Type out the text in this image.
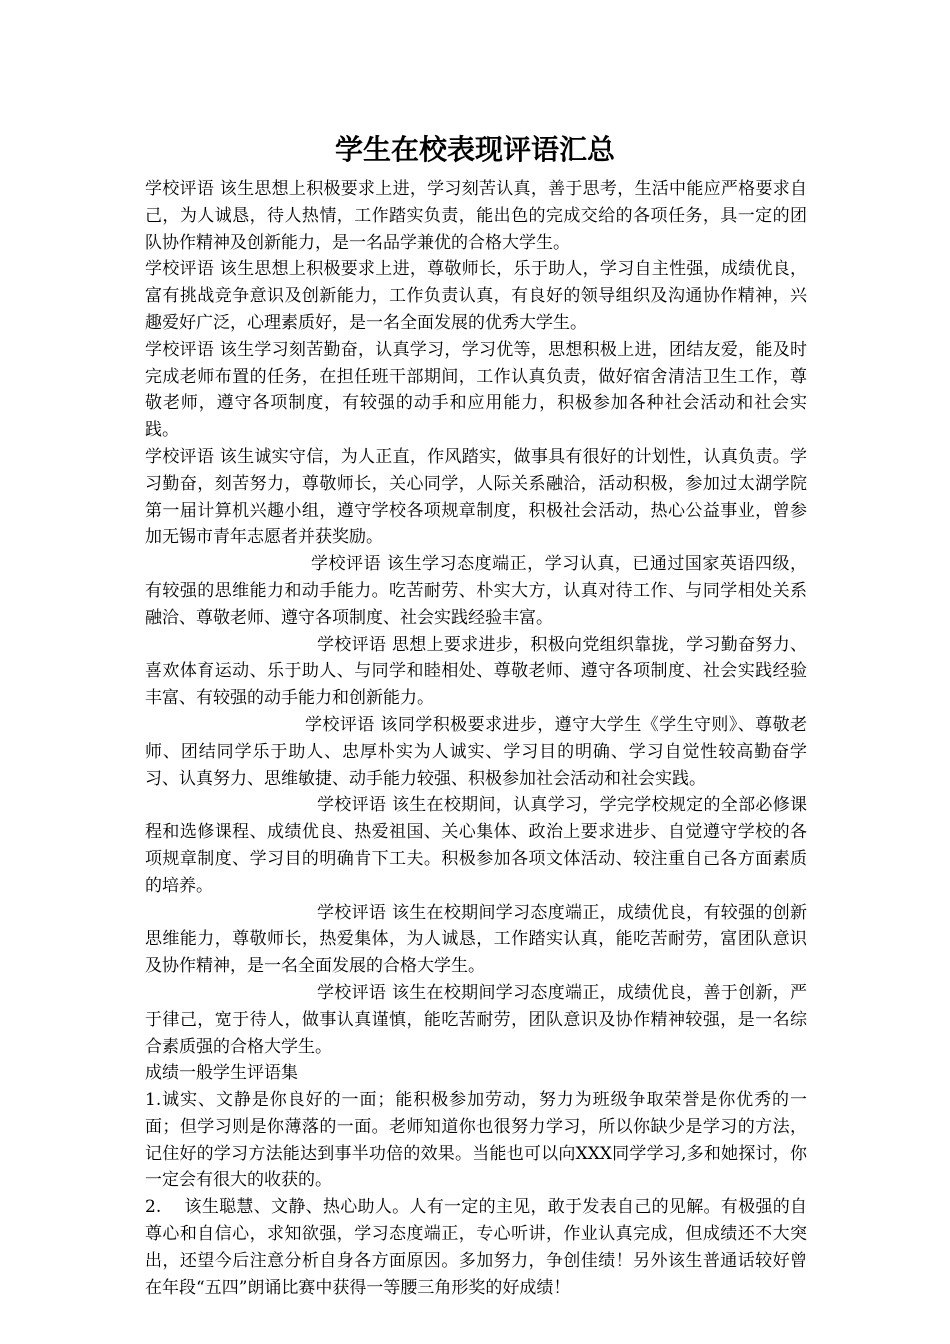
学生在校表现评语汇总

学校评语 该生思想上积极要求上进，学习刻苦认真，善于思考，生活中能应严格要求自己，为人诚恳，待人热情，工作踏实负责，能出色的完成交给的各项任务，具一定的团队协作精神及创新能力，是一名品学兼优的合格大学生。

学校评语 该生思想上积极要求上进，尊敬师长，乐于助人，学习自主性强，成绩优良，富有挑战竞争意识及创新能力，工作负责认真，有良好的领导组织及沟通协作精神，兴趣爱好广泛，心理素质好，是一名全面发展的优秀大学生。

学校评语 该生学习刻苦勤奋，认真学习，学习优等，思想积极上进，团结友爱，能及时完成老师布置的任务，在担任班干部期间，工作认真负责，做好宿舍清洁卫生工作，尊敬老师，遵守各项制度，有较强的动手和应用能力，积极参加各种社会活动和社会实践。

学校评语 该生诚实守信，为人正直，作风踏实，做事具有很好的计划性，认真负责。学习勤奋，刻苦努力，尊敬师长，关心同学，人际关系融洽，活动积极，参加过太湖学院第一届计算机兴趣小组，遵守学校各项规章制度，积极社会活动，热心公益事业，曾参加无锡市青年志愿者并获奖励。

学校评语 该生学习态度端正，学习认真，已通过国家英语四级，有较强的思维能力和动手能力。吃苦耐劳、朴实大方，认真对待工作、与同学相处关系融洽、尊敬老师、遵守各项制度、社会实践经验丰富。

学校评语 思想上要求进步，积极向党组织靠拢，学习勤奋努力、喜欢体育运动、乐于助人、与同学和睦相处、尊敬老师、遵守各项制度、社会实践经验丰富、有较强的动手能力和创新能力。

学校评语 该同学积极要求进步，遵守大学生《学生守则》、尊敬老师、团结同学乐于助人、忠厚朴实为人诚实、学习目的明确、学习自觉性较高勤奋学习、认真努力、思维敏捷、动手能力较强、积极参加社会活动和社会实践。

学校评语 该生在校期间，认真学习，学完学校规定的全部必修课程和选修课程、成绩优良、热爱祖国、关心集体、政治上要求进步、自觉遵守学校的各项规章制度、学习目的明确肯下工夫。积极参加各项文体活动、较注重自己各方面素质的培养。

学校评语 该生在校期间学习态度端正，成绩优良，有较强的创新思维能力，尊敬师长，热爱集体，为人诚恳，工作踏实认真，能吃苦耐劳，富团队意识及协作精神，是一名全面发展的合格大学生。

学校评语 该生在校期间学习态度端正，成绩优良，善于创新，严于律己，宽于待人，做事认真谨慎，能吃苦耐劳，团队意识及协作精神较强，是一名综合素质强的合格大学生。

成绩一般学生评语集

1.诚实、文静是你良好的一面；能积极参加劳动，努力为班级争取荣誉是你优秀的一面；但学习则是你薄落的一面。老师知道你也很努力学习，所以你缺少是学习的方法，记住好的学习方法能达到事半功倍的效果。当能也可以向XXX同学学习,多和她探讨，你一定会有很大的收获的。

2.　 该生聪慧、文静、热心助人。人有一定的主见，敢于发表自己的见解。有极强的自尊心和自信心，求知欲强，学习态度端正，专心听讲，作业认真完成，但成绩还不大突出，还望今后注意分析自身各方面原因。多加努力，争创佳绩！另外该生普通话较好曾在年段“五四”朗诵比赛中获得一等腰三角形奖的好成绩！
